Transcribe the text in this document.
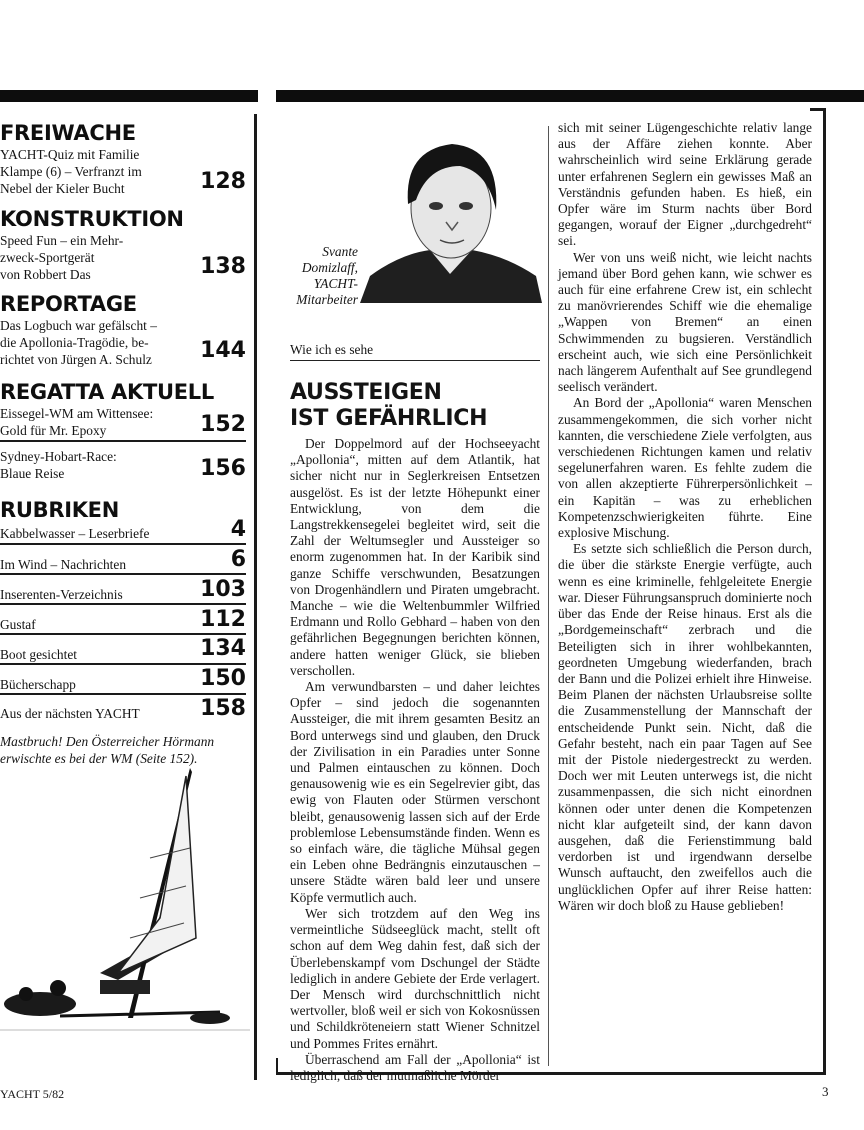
FREIWACHE
YACHT-Quiz mit Familie
Klampe (6) – Verfranzt im
Nebel der Kieler Bucht	128
KONSTRUKTION
Speed Fun – ein Mehr-
zweck-Sportgerät
von Robbert Das	138
REPORTAGE
Das Logbuch war gefälscht –
die Apollonia-Tragödie, be-
richtet von Jürgen A. Schulz	144
REGATTA AKTUELL
Eissegel-WM am Wittensee:
Gold für Mr. Epoxy	152
Sydney-Hobart-Race:
Blaue Reise	156
RUBRIKEN
Kabbelwasser – Leserbriefe	4
Im Wind – Nachrichten	6
Inserenten-Verzeichnis	103
Gustaf	112
Boot gesichtet	134
Bücherschapp	150
Aus der nächsten YACHT	158
Mastbruch! Den Österreicher Hörmann
erwischte es bei der WM (Seite 152).
Svante
Domizlaff,
YACHT-
Mitarbeiter
Wie ich es sehe
AUSSTEIGEN
IST GEFÄHRLICH

Der Doppelmord auf der Hochseeyacht „Apollonia“, mitten auf dem Atlantik, hat sicher nicht nur in Seglerkreisen Entsetzen ausgelöst. Es ist der letzte Höhepunkt einer Entwicklung, von dem die Langstrekkensegelei begleitet wird, seit die Zahl der Weltumsegler und Aussteiger so enorm zugenommen hat. In der Karibik sind ganze Schiffe verschwunden, Besatzungen von Drogenhändlern und Piraten umgebracht. Manche – wie die Weltenbummler Wilfried Erdmann und Rollo Gebhard – haben von den gefährlichen Begegnungen berichten können, andere hatten weniger Glück, sie blieben verschollen.

Am verwundbarsten – und daher leichtes Opfer – sind jedoch die sogenannten Aussteiger, die mit ihrem gesamten Besitz an Bord unterwegs sind und glauben, den Druck der Zivilisation in ein Paradies unter Sonne und Palmen eintauschen zu können. Doch genausowenig wie es ein Segelrevier gibt, das ewig von Flauten oder Stürmen verschont bleibt, genausowenig lassen sich auf der Erde problemlose Lebensumstände finden. Wenn es so einfach wäre, die tägliche Mühsal gegen ein Leben ohne Bedrängnis einzutauschen – unsere Städte wären bald leer und unsere Köpfe vermutlich auch.

Wer sich trotzdem auf den Weg ins vermeintliche Südseeglück macht, stellt oft schon auf dem Weg dahin fest, daß sich der Überlebenskampf vom Dschungel der Städte lediglich in andere Gebiete der Erde verlagert. Der Mensch wird durchschnittlich nicht wertvoller, bloß weil er sich von Kokosnüssen und Schildkröteneiern statt Wiener Schnitzel und Pommes Frites ernährt.

Überraschend am Fall der „Apollonia“ ist lediglich, daß der mutmaßliche Mörder

sich mit seiner Lügengeschichte relativ lange aus der Affäre ziehen konnte. Aber wahrscheinlich wird seine Erklärung gerade unter erfahrenen Seglern ein gewisses Maß an Verständnis gefunden haben. Es hieß, ein Opfer wäre im Sturm nachts über Bord gegangen, worauf der Eigner „durchgedreht“ sei.

Wer von uns weiß nicht, wie leicht nachts jemand über Bord gehen kann, wie schwer es auch für eine erfahrene Crew ist, ein schlecht zu manövrierendes Schiff wie die ehemalige „Wappen von Bremen“ an einen Schwimmenden zu bugsieren. Verständlich erscheint auch, wie sich eine Persönlichkeit nach längerem Aufenthalt auf See grundlegend seelisch verändert.

An Bord der „Apollonia“ waren Menschen zusammengekommen, die sich vorher nicht kannten, die verschiedene Ziele verfolgten, aus verschiedenen Richtungen kamen und relativ segelunerfahren waren. Es fehlte zudem die von allen akzeptierte Führerpersönlichkeit – ein Kapitän – was zu erheblichen Kompetenzschwierigkeiten führte. Eine explosive Mischung.

Es setzte sich schließlich die Person durch, die über die stärkste Energie verfügte, auch wenn es eine kriminelle, fehlgeleitete Energie war. Dieser Führungsanspruch dominierte noch über das Ende der Reise hinaus. Erst als die „Bordgemeinschaft“ zerbrach und die Beteiligten sich in ihrer wohlbekannten, geordneten Umgebung wiederfanden, brach der Bann und die Polizei erhielt ihre Hinweise. Beim Planen der nächsten Urlaubsreise sollte die Zusammenstellung der Mannschaft der entscheidende Punkt sein. Nicht, daß die Gefahr besteht, nach ein paar Tagen auf See mit der Pistole niedergestreckt zu werden. Doch wer mit Leuten unterwegs ist, die nicht zusammenpassen, die sich nicht einordnen können oder unter denen die Kompetenzen nicht klar aufgeteilt sind, der kann davon ausgehen, daß die Ferienstimmung bald verdorben ist und irgendwann derselbe Wunsch auftaucht, den zweifellos auch die unglücklichen Opfer auf ihrer Reise hatten: Wären wir doch bloß zu Hause geblieben!

YACHT 5/82	3
